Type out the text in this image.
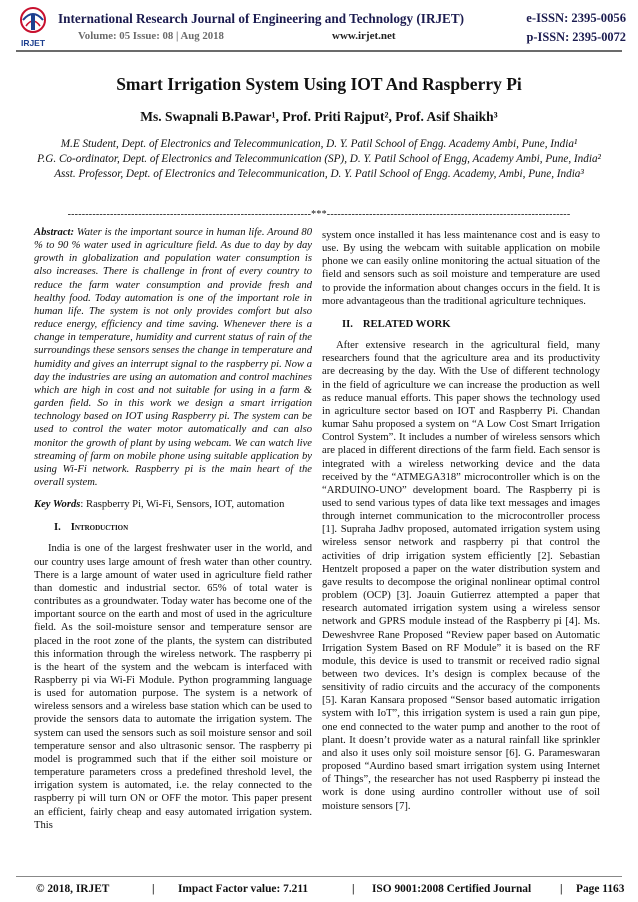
IRJET
International Research Journal of Engineering and Technology (IRJET)	e-ISSN: 2395-0056
Volume: 05 Issue: 08 | Aug 2018	www.irjet.net	p-ISSN: 2395-0072
Smart Irrigation System Using IOT And Raspberry Pi
Ms. Swapnali B.Pawar¹, Prof. Priti Rajput², Prof. Asif Shaikh³
M.E Student, Dept. of Electronics and Telecommunication, D. Y. Patil School of Engg. Academy Ambi, Pune, India¹
P.G. Co-ordinator, Dept. of Electronics and Telecommunication (SP), D. Y. Patil School of Engg, Academy Ambi, Pune, India²
Asst. Professor, Dept. of Electronics and Telecommunication, D. Y. Patil School of Engg. Academy, Ambi, Pune, India³
---------------------------------------------------------------------***---------------------------------------------------------------------

Abstract: Water is the important source in human life. Around 80 % to 90 % water used in agriculture field. As due to day by day growth in globalization and population water consumption is also increases. There is challenge in front of every country to reduce the farm water consumption and provide fresh and healthy food. Today automation is one of the important role in human life. The system is not only provides comfort but also reduce energy, efficiency and time saving. Whenever there is a change in temperature, humidity and current status of rain of the surroundings these sensors senses the change in temperature and humidity and gives an interrupt signal to the raspberry pi. Now a day the industries are using an automation and control machines which are high in cost and not suitable for using in a farm & garden field. So in this work we design a smart irrigation technology based on IOT using Raspberry pi. The system can be used to control the water motor automatically and can also monitor the growth of plant by using webcam. We can watch live streaming of farm on mobile phone using suitable application by using Wi-Fi network. Raspberry pi is the main heart of the overall system.

Key Words: Raspberry Pi, Wi-Fi, Sensors, IOT, automation

I. Introduction

India is one of the largest freshwater user in the world, and our country uses large amount of fresh water than other country. There is a large amount of water used in agriculture field rather than domestic and industrial sector. 65% of total water is contributes as a groundwater. Today water has become one of the important source on the earth and most of used in the agriculture field. As the soil-moisture sensor and temperature sensor are placed in the root zone of the plants, the system can distributed this information through the wireless network. The raspberry pi is the heart of the system and the webcam is interfaced with Raspberry pi via Wi-Fi Module. Python programming language is used for automation purpose. The system is a network of wireless sensors and a wireless base station which can be used to provide the sensors data to automate the irrigation system. The system can used the sensors such as soil moisture sensor and soil temperature sensor and also ultrasonic sensor. The raspberry pi model is programmed such that if the either soil moisture or temperature parameters cross a predefined threshold level, the irrigation system is automated, i.e. the relay connected to the raspberry pi will turn ON or OFF the motor. This paper present an efficient, fairly cheap and easy automated irrigation system. This

system once installed it has less maintenance cost and is easy to use. By using the webcam with suitable application on mobile phone we can easily online monitoring the actual situation of the field and sensors such as soil moisture and temperature are used to provide the information about changes occurs in the field. It is more advantageous than the traditional agriculture techniques.

II. RELATED WORK

After extensive research in the agricultural field, many researchers found that the agriculture area and its productivity are decreasing by the day. With the Use of different technology in the field of agriculture we can increase the production as well as reduce manual efforts. This paper shows the technology used in agriculture sector based on IOT and Raspberry Pi. Chandan kumar Sahu proposed a system on “A Low Cost Smart Irrigation Control System”. It includes a number of wireless sensors which are placed in different directions of the farm field. Each sensor is integrated with a wireless networking device and the data received by the “ATMEGA318” microcontroller which is on the “ARDUINO-UNO” development board. The Raspberry pi is used to send various types of data like text messages and images through internet communication to the microcontroller process [1]. Supraha Jadhv proposed, automated irrigation system using wireless sensor network and raspberry pi that control the activities of drip irrigation system efficiently [2]. Sebastian Hentzelt proposed a paper on the water distribution system and gave results to decompose the original nonlinear optimal control problem (OCP) [3]. Joauin Gutierrez attempted a paper that research automated irrigation system using a wireless sensor network and GPRS module instead of the Raspberry pi [4]. Ms. Deweshvree Rane Proposed “Review paper based on Automatic Irrigation System Based on RF Module” it is based on the RF module, this device is used to transmit or received radio signal between two devices. It’s design is complex because of the sensitivity of radio circuits and the accuracy of the components [5]. Karan Kansara proposed “Sensor based automatic irrigation system with IoT”, this irrigation system is used a rain gun pipe, one end connected to the water pump and another to the root of plant. It doesn’t provide water as a natural rainfall like sprinkler and also it uses only soil moisture sensor [6]. G. Parameswaran proposed “Aurdino based smart irrigation system using Internet of Things”, the researcher has not used Raspberry pi instead the work is done using aurdino controller without use of soil moisture sensors [7].

© 2018, IRJET	| Impact Factor value: 7.211	| ISO 9001:2008 Certified Journal	| Page 1163
